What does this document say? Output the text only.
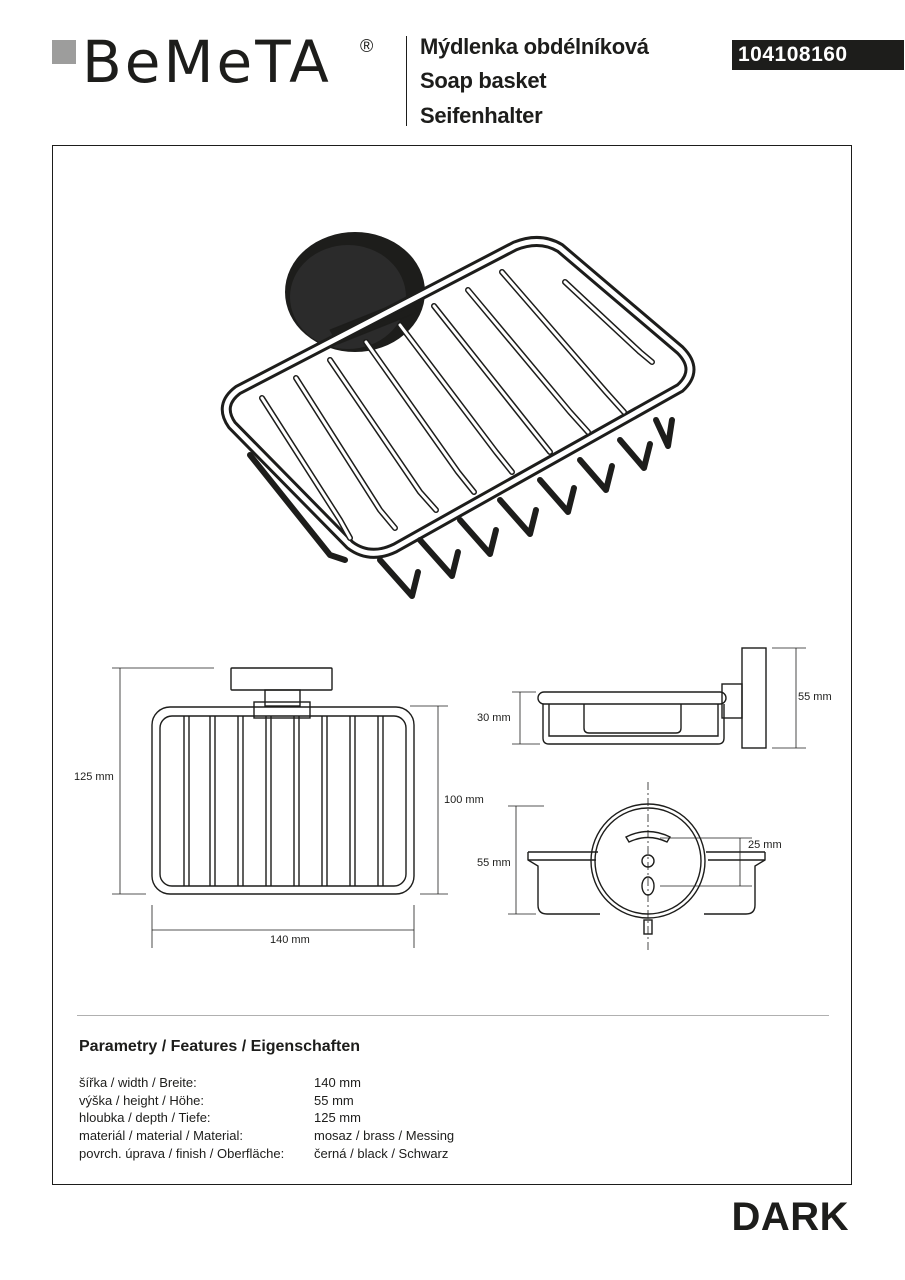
BeMeTA ® Mýdlenka obdélníková
Soap basket
Seifenhalter
104108160
125 mm
100 mm
140 mm
55 mm
30 mm
55 mm
25 mm
Parametry / Features / Eigenschaften
šířka / width / Breite:	140 mm
výška / height / Höhe:	55 mm
hloubka / depth / Tiefe:	125 mm
materiál / material / Material:	mosaz / brass / Messing
povrch. úprava / finish / Oberfläche:	černá / black / Schwarz
DARK
